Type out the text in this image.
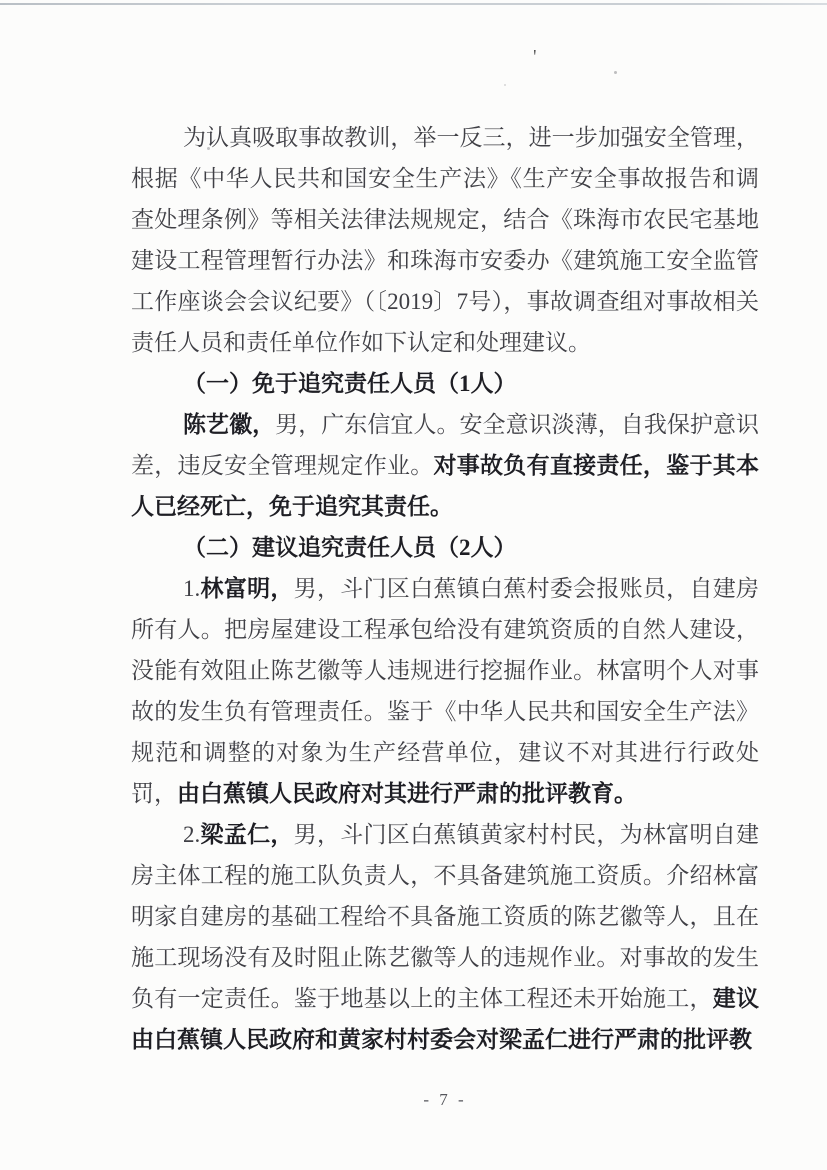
'

为认真吸取事故教训，举一反三，进一步加强安全管理，根据《中华人民共和国安全生产法》《生产安全事故报告和调查处理条例》等相关法律法规规定，结合《珠海市农民宅基地建设工程管理暂行办法》和珠海市安委办《建筑施工安全监管工作座谈会会议纪要》（〔2019〕7号），事故调查组对事故相关责任人员和责任单位作如下认定和处理建议。

（一）免于追究责任人员（1人）

陈艺徽，男，广东信宜人。安全意识淡薄，自我保护意识差，违反安全管理规定作业。对事故负有直接责任，鉴于其本人已经死亡，免于追究其责任。

（二）建议追究责任人员（2人）

1.林富明，男，斗门区白蕉镇白蕉村委会报账员，自建房所有人。把房屋建设工程承包给没有建筑资质的自然人建设，没能有效阻止陈艺徽等人违规进行挖掘作业。林富明个人对事故的发生负有管理责任。鉴于《中华人民共和国安全生产法》规范和调整的对象为生产经营单位，建议不对其进行行政处罚，由白蕉镇人民政府对其进行严肃的批评教育。

2.梁孟仁，男，斗门区白蕉镇黄家村村民，为林富明自建房主体工程的施工队负责人，不具备建筑施工资质。介绍林富明家自建房的基础工程给不具备施工资质的陈艺徽等人，且在施工现场没有及时阻止陈艺徽等人的违规作业。对事故的发生负有一定责任。鉴于地基以上的主体工程还未开始施工，建议由白蕉镇人民政府和黄家村村委会对梁孟仁进行严肃的批评教

- 7 -
